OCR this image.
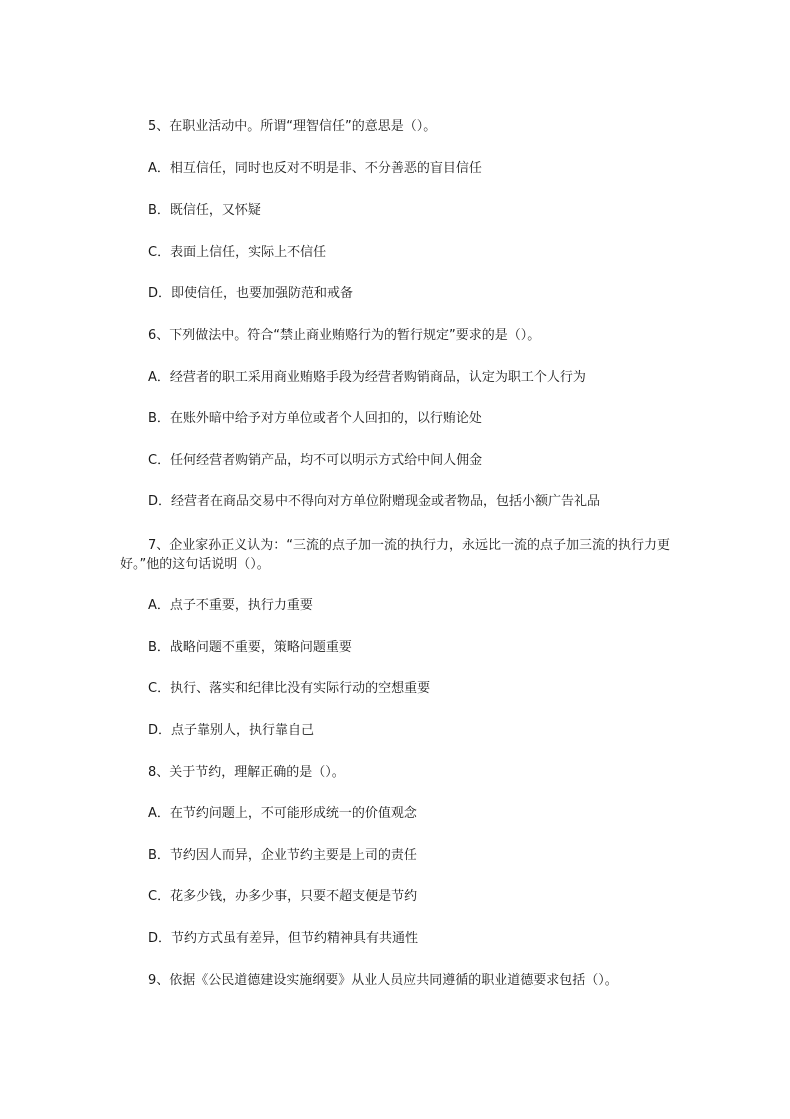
5、在职业活动中。所谓“理智信任”的意思是（）。
A．相互信任，同时也反对不明是非、不分善恶的盲目信任
B．既信任，又怀疑
C．表面上信任，实际上不信任
D．即使信任，也要加强防范和戒备
6、下列做法中。符合“禁止商业贿赂行为的暂行规定”要求的是（）。
A．经营者的职工采用商业贿赂手段为经营者购销商品，认定为职工个人行为
B．在账外暗中给予对方单位或者个人回扣的，以行贿论处
C．任何经营者购销产品，均不可以明示方式给中间人佣金
D．经营者在商品交易中不得向对方单位附赠现金或者物品，包括小额广告礼品
7、企业家孙正义认为：“三流的点子加一流的执行力，永远比一流的点子加三流的执行力更好。”他的这句话说明（）。
A．点子不重要，执行力重要
B．战略问题不重要，策略问题重要
C．执行、落实和纪律比没有实际行动的空想重要
D．点子靠别人，执行靠自己
8、关于节约，理解正确的是（）。
A．在节约问题上，不可能形成统一的价值观念
B．节约因人而异，企业节约主要是上司的责任
C．花多少钱，办多少事，只要不超支便是节约
D．节约方式虽有差异，但节约精神具有共通性
9、依据《公民道德建设实施纲要》从业人员应共同遵循的职业道德要求包括（）。
